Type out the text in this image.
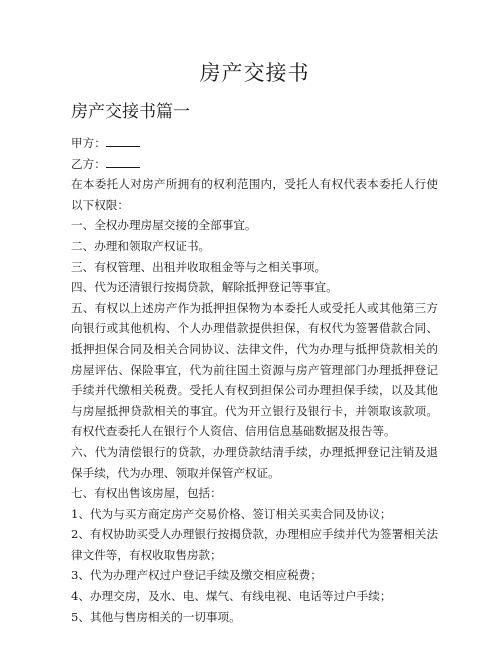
房产交接书
房产交接书篇一

甲方：

乙方：

在本委托人对房产所拥有的权利范围内，受托人有权代表本委托人行使以下权限：

一、全权办理房屋交接的全部事宜。

二、办理和领取产权证书。

三、有权管理、出租并收取租金等与之相关事项。

四、代为还清银行按揭贷款，解除抵押登记等事宜。

五、有权以上述房产作为抵押担保物为本委托人或受托人或其他第三方向银行或其他机构、个人办理借款提供担保，有权代为签署借款合同、抵押担保合同及相关合同协议、法律文件，代为办理与抵押贷款相关的房屋评估、保险事宜，代为前往国土资源与房产管理部门办理抵押登记手续并代缴相关税费。受托人有权到担保公司办理担保手续，以及其他与房屋抵押贷款相关的事宜。代为开立银行及银行卡，并领取该款项。有权代查委托人在银行个人资信、信用信息基础数据及报告等。

六、代为清偿银行的贷款，办理贷款结清手续，办理抵押登记注销及退保手续，代为办理、领取并保管产权证。

七、有权出售该房屋，包括：

1、代为与买方商定房产交易价格、签订相关买卖合同及协议；

2、有权协助买受人办理银行按揭贷款，办理相应手续并代为签署相关法律文件等，有权收取售房款；

3、代为办理产权过户登记手续及缴交相应税费；

4、办理交房，及水、电、煤气、有线电视、电话等过户手续；

5、其他与售房相关的一切事项。
